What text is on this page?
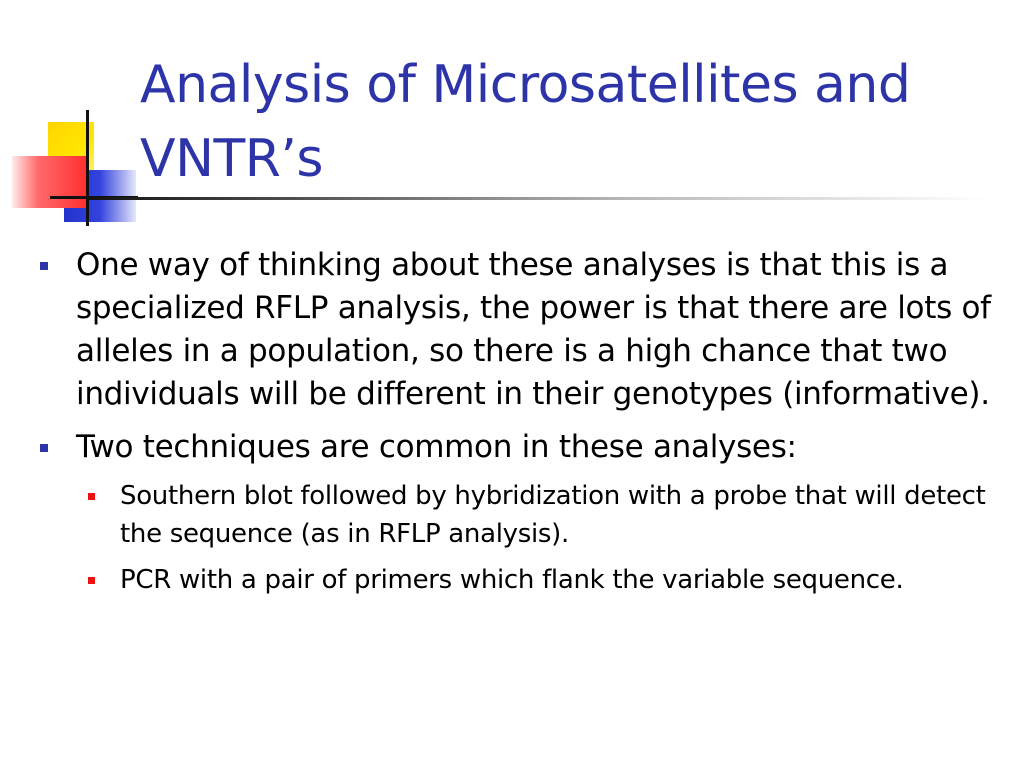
Analysis of Microsatellites and VNTR’s
One way of thinking about these analyses is that this is a specialized RFLP analysis, the power is that there are lots of alleles in a population, so there is a high chance that two individuals will be different in their genotypes (informative).
Two techniques are common in these analyses:
Southern blot followed by hybridization with a probe that will detect the sequence (as in RFLP analysis).
PCR with a pair of primers which flank the variable sequence.
